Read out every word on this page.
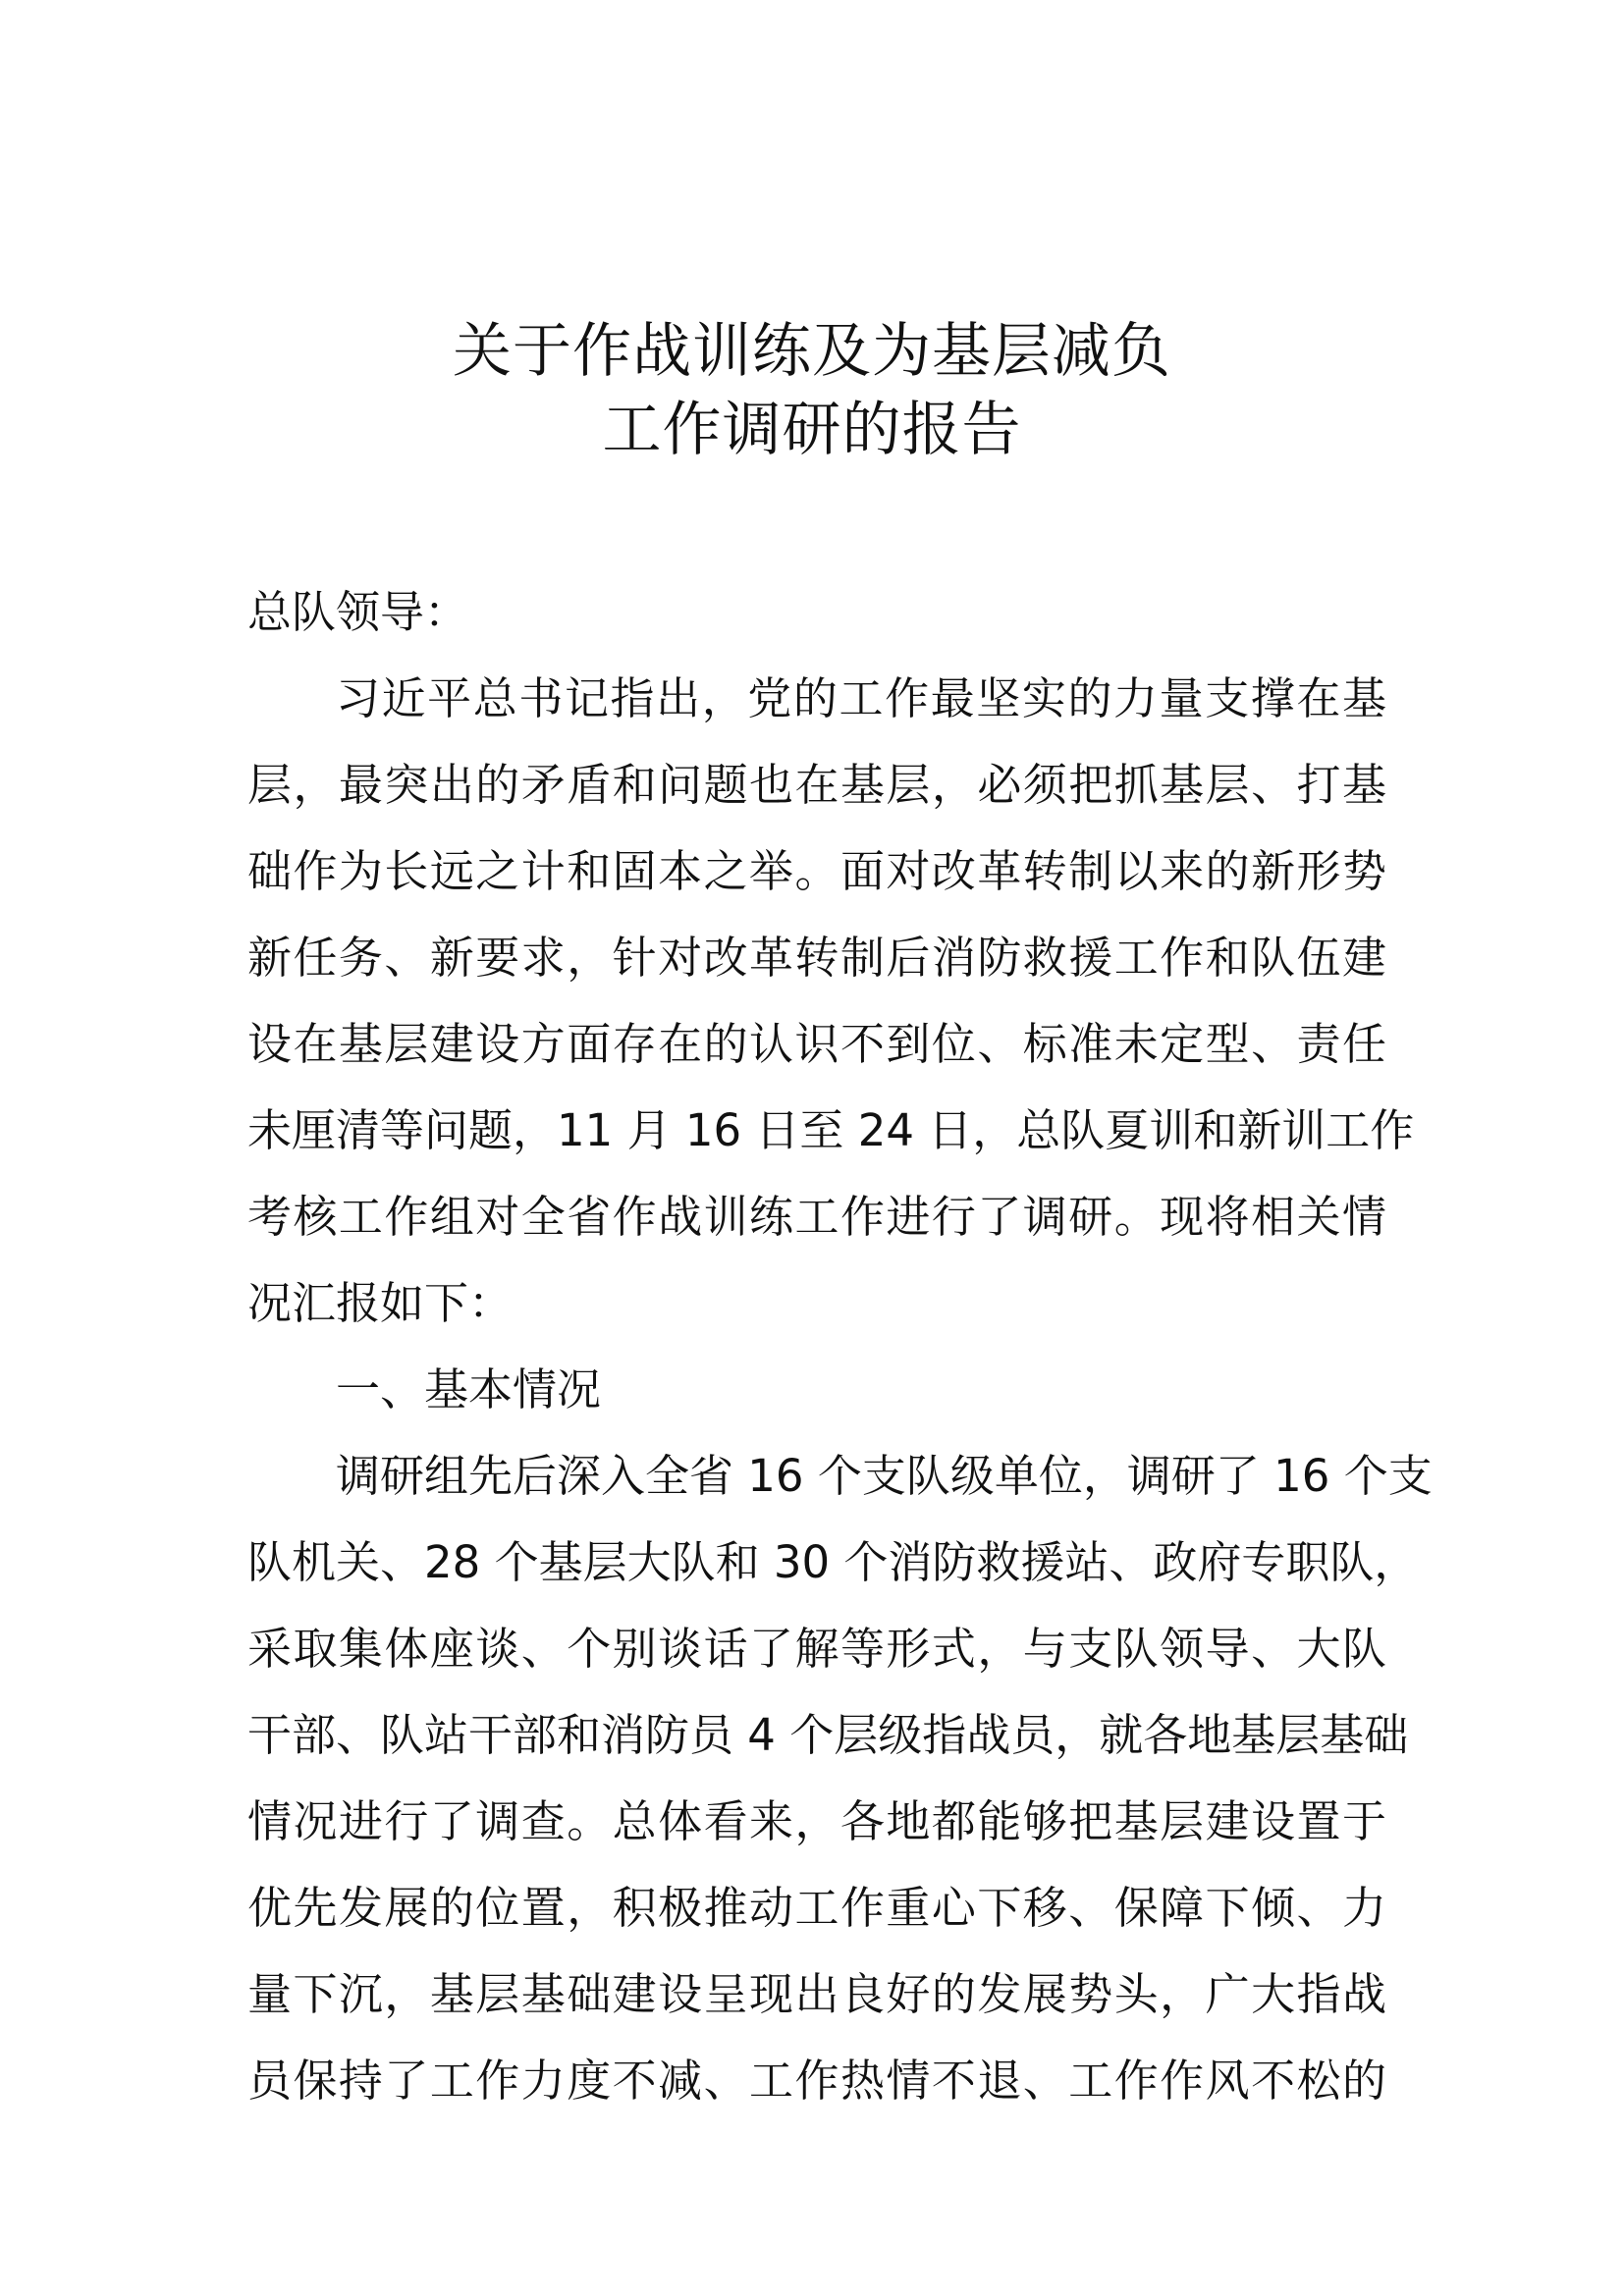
关于作战训练及为基层减负
工作调研的报告

总队领导：

习近平总书记指出，党的工作最坚实的力量支撑在基
层，最突出的矛盾和问题也在基层，必须把抓基层、打基
础作为长远之计和固本之举。面对改革转制以来的新形势
新任务、新要求，针对改革转制后消防救援工作和队伍建
设在基层建设方面存在的认识不到位、标准未定型、责任
未厘清等问题，11 月 16 日至 24 日，总队夏训和新训工作
考核工作组对全省作战训练工作进行了调研。现将相关情
况汇报如下：

一、基本情况

调研组先后深入全省 16 个支队级单位，调研了 16 个支
队机关、28 个基层大队和 30 个消防救援站、政府专职队，
采取集体座谈、个别谈话了解等形式，与支队领导、大队
干部、队站干部和消防员 4 个层级指战员，就各地基层基础
情况进行了调查。总体看来，各地都能够把基层建设置于
优先发展的位置，积极推动工作重心下移、保障下倾、力
量下沉，基层基础建设呈现出良好的发展势头，广大指战
员保持了工作力度不减、工作热情不退、工作作风不松的
